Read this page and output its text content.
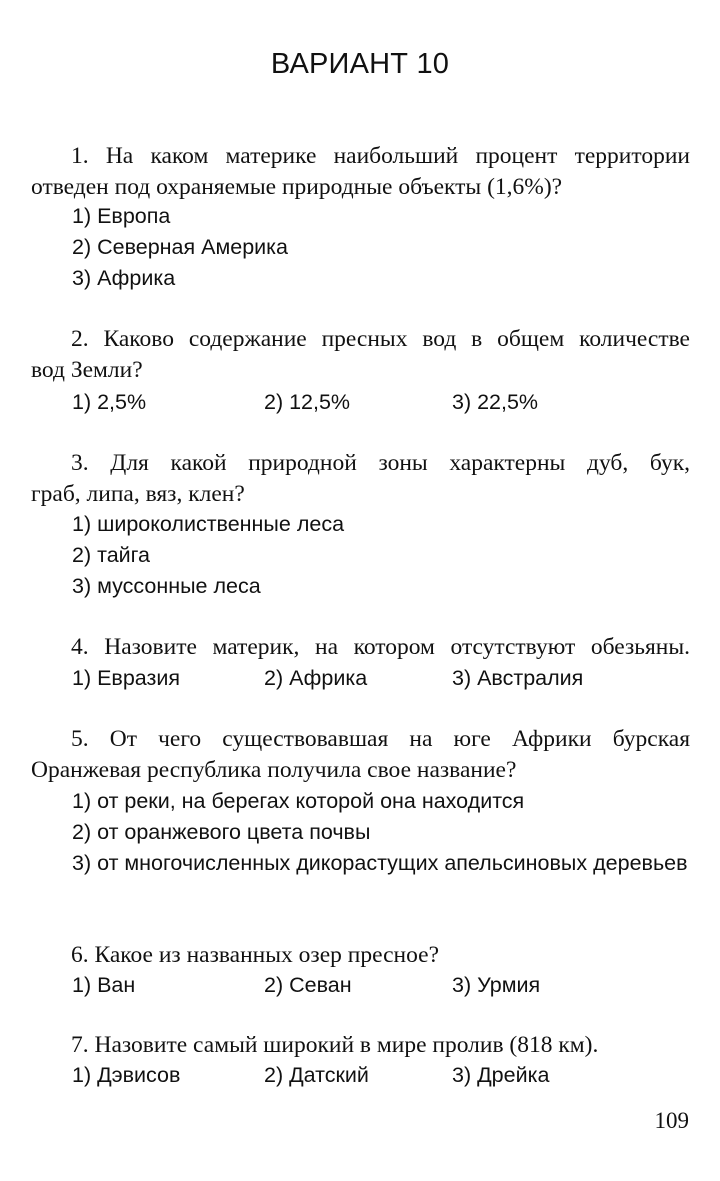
ВАРИАНТ 10
1. На каком материке наибольший процент территории
отведен под охраняемые природные объекты (1,6%)?
1) Европа
2) Северная Америка
3) Африка
2. Каково содержание пресных вод в общем количестве
вод Земли?
1) 2,5%	2) 12,5%	3) 22,5%
3. Для какой природной зоны характерны дуб, бук,
граб, липа, вяз, клен?
1) широколиственные леса
2) тайга
3) муссонные леса
4. Назовите материк, на котором отсутствуют обезьяны.
1) Евразия	2) Африка	3) Австралия
5. От чего существовавшая на юге Африки бурская
Оранжевая республика получила свое название?
1) от реки, на берегах которой она находится
2) от оранжевого цвета почвы
3) от многочисленных дикорастущих апельсиновых деревьев
6. Какое из названных озер пресное?
1) Ван	2) Севан	3) Урмия
7. Назовите самый широкий в мире пролив (818 км).
1) Дэвисов	2) Датский	3) Дрейка
109
